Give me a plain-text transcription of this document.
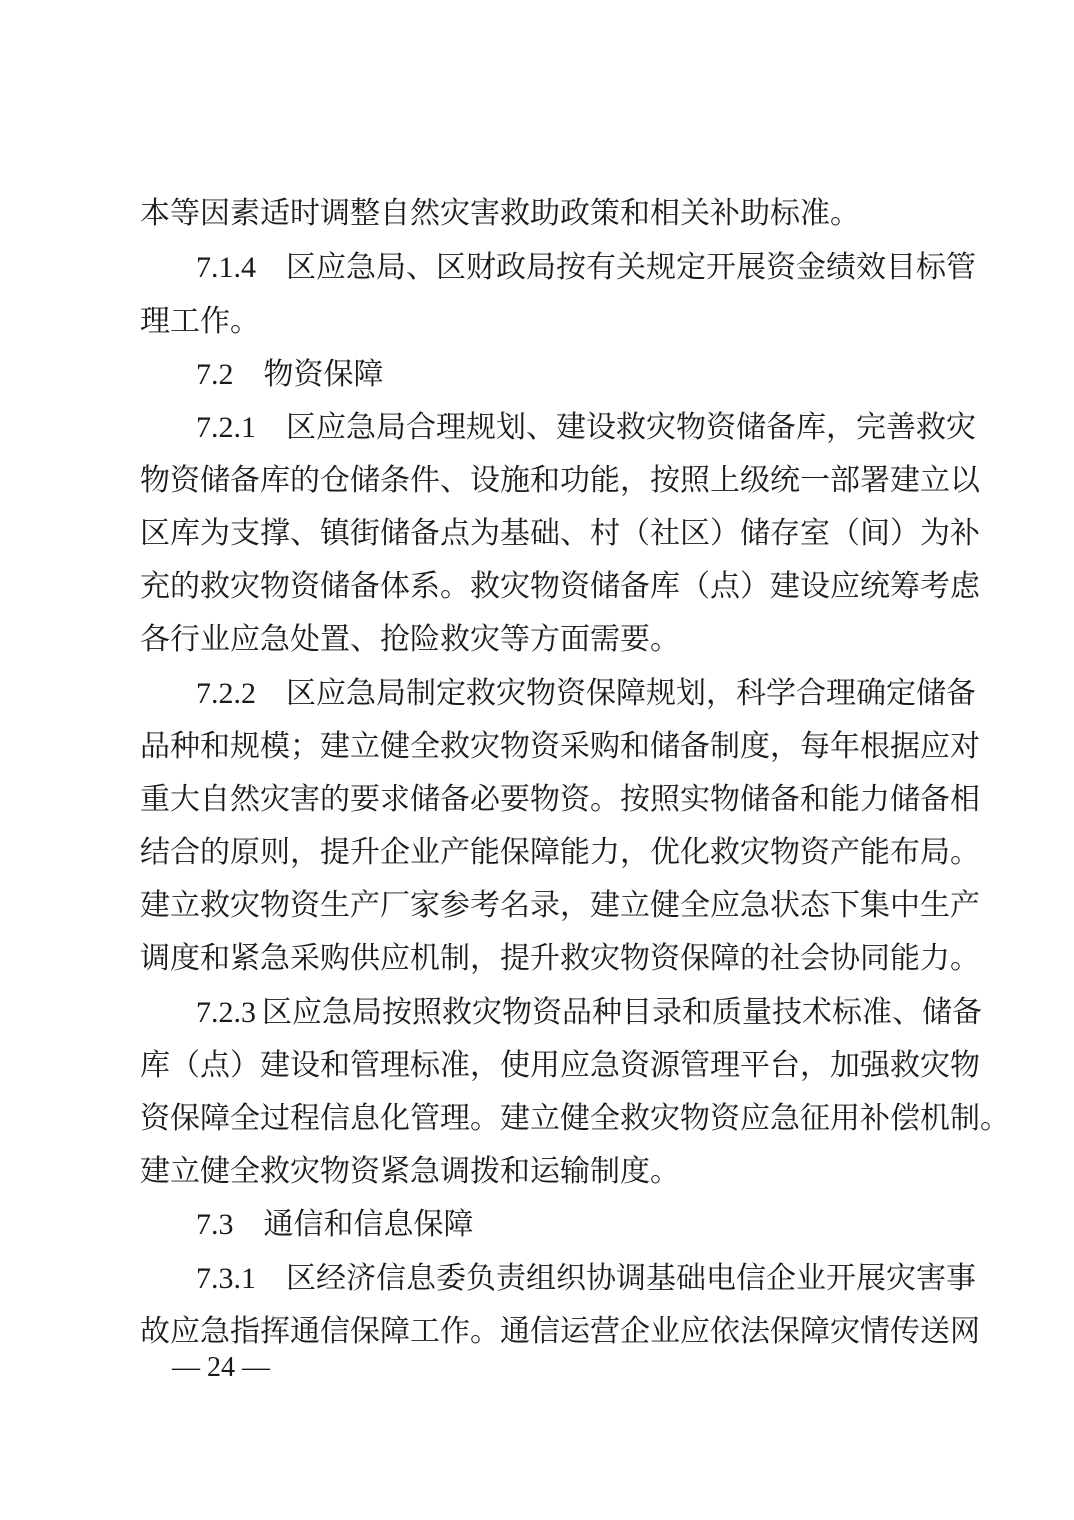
本等因素适时调整自然灾害救助政策和相关补助标准。
7.1.4 区应急局、区财政局按有关规定开展资金绩效目标管
理工作。
7.2 物资保障
7.2.1 区应急局合理规划、建设救灾物资储备库，完善救灾
物资储备库的仓储条件、设施和功能，按照上级统一部署建立以
区库为支撑、镇街储备点为基础、村（社区）储存室（间）为补
充的救灾物资储备体系。救灾物资储备库（点）建设应统筹考虑
各行业应急处置、抢险救灾等方面需要。
7.2.2 区应急局制定救灾物资保障规划，科学合理确定储备
品种和规模；建立健全救灾物资采购和储备制度，每年根据应对
重大自然灾害的要求储备必要物资。按照实物储备和能力储备相
结合的原则，提升企业产能保障能力，优化救灾物资产能布局。
建立救灾物资生产厂家参考名录，建立健全应急状态下集中生产
调度和紧急采购供应机制，提升救灾物资保障的社会协同能力。
7.2.3 区应急局按照救灾物资品种目录和质量技术标准、储备
库（点）建设和管理标准，使用应急资源管理平台，加强救灾物
资保障全过程信息化管理。建立健全救灾物资应急征用补偿机制。
建立健全救灾物资紧急调拨和运输制度。
7.3 通信和信息保障
7.3.1 区经济信息委负责组织协调基础电信企业开展灾害事
故应急指挥通信保障工作。通信运营企业应依法保障灾情传送网
— 24 —
